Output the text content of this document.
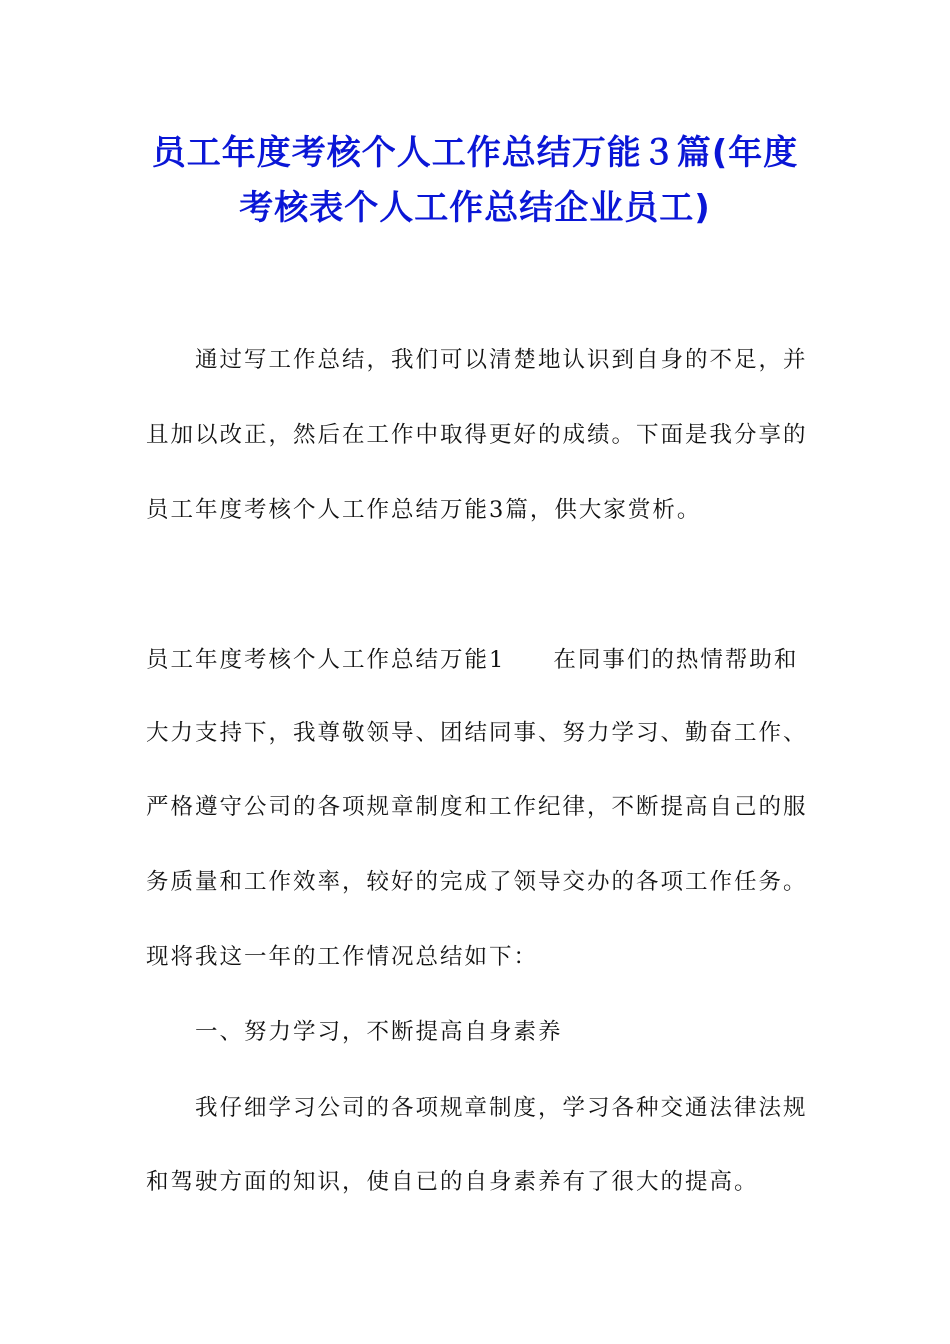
员工年度考核个人工作总结万能３篇(年度
考核表个人工作总结企业员工)
通过写工作总结，我们可以清楚地认识到自身的不足，并
且加以改正，然后在工作中取得更好的成绩。下面是我分享的
员工年度考核个人工作总结万能3篇，供大家赏析。
员工年度考核个人工作总结万能1 在同事们的热情帮助和
大力支持下，我尊敬领导、团结同事、努力学习、勤奋工作、
严格遵守公司的各项规章制度和工作纪律，不断提高自己的服
务质量和工作效率，较好的完成了领导交办的各项工作任务。
现将我这一年的工作情况总结如下：
一、努力学习，不断提高自身素养
我仔细学习公司的各项规章制度，学习各种交通法律法规
和驾驶方面的知识，使自已的自身素养有了很大的提高。
